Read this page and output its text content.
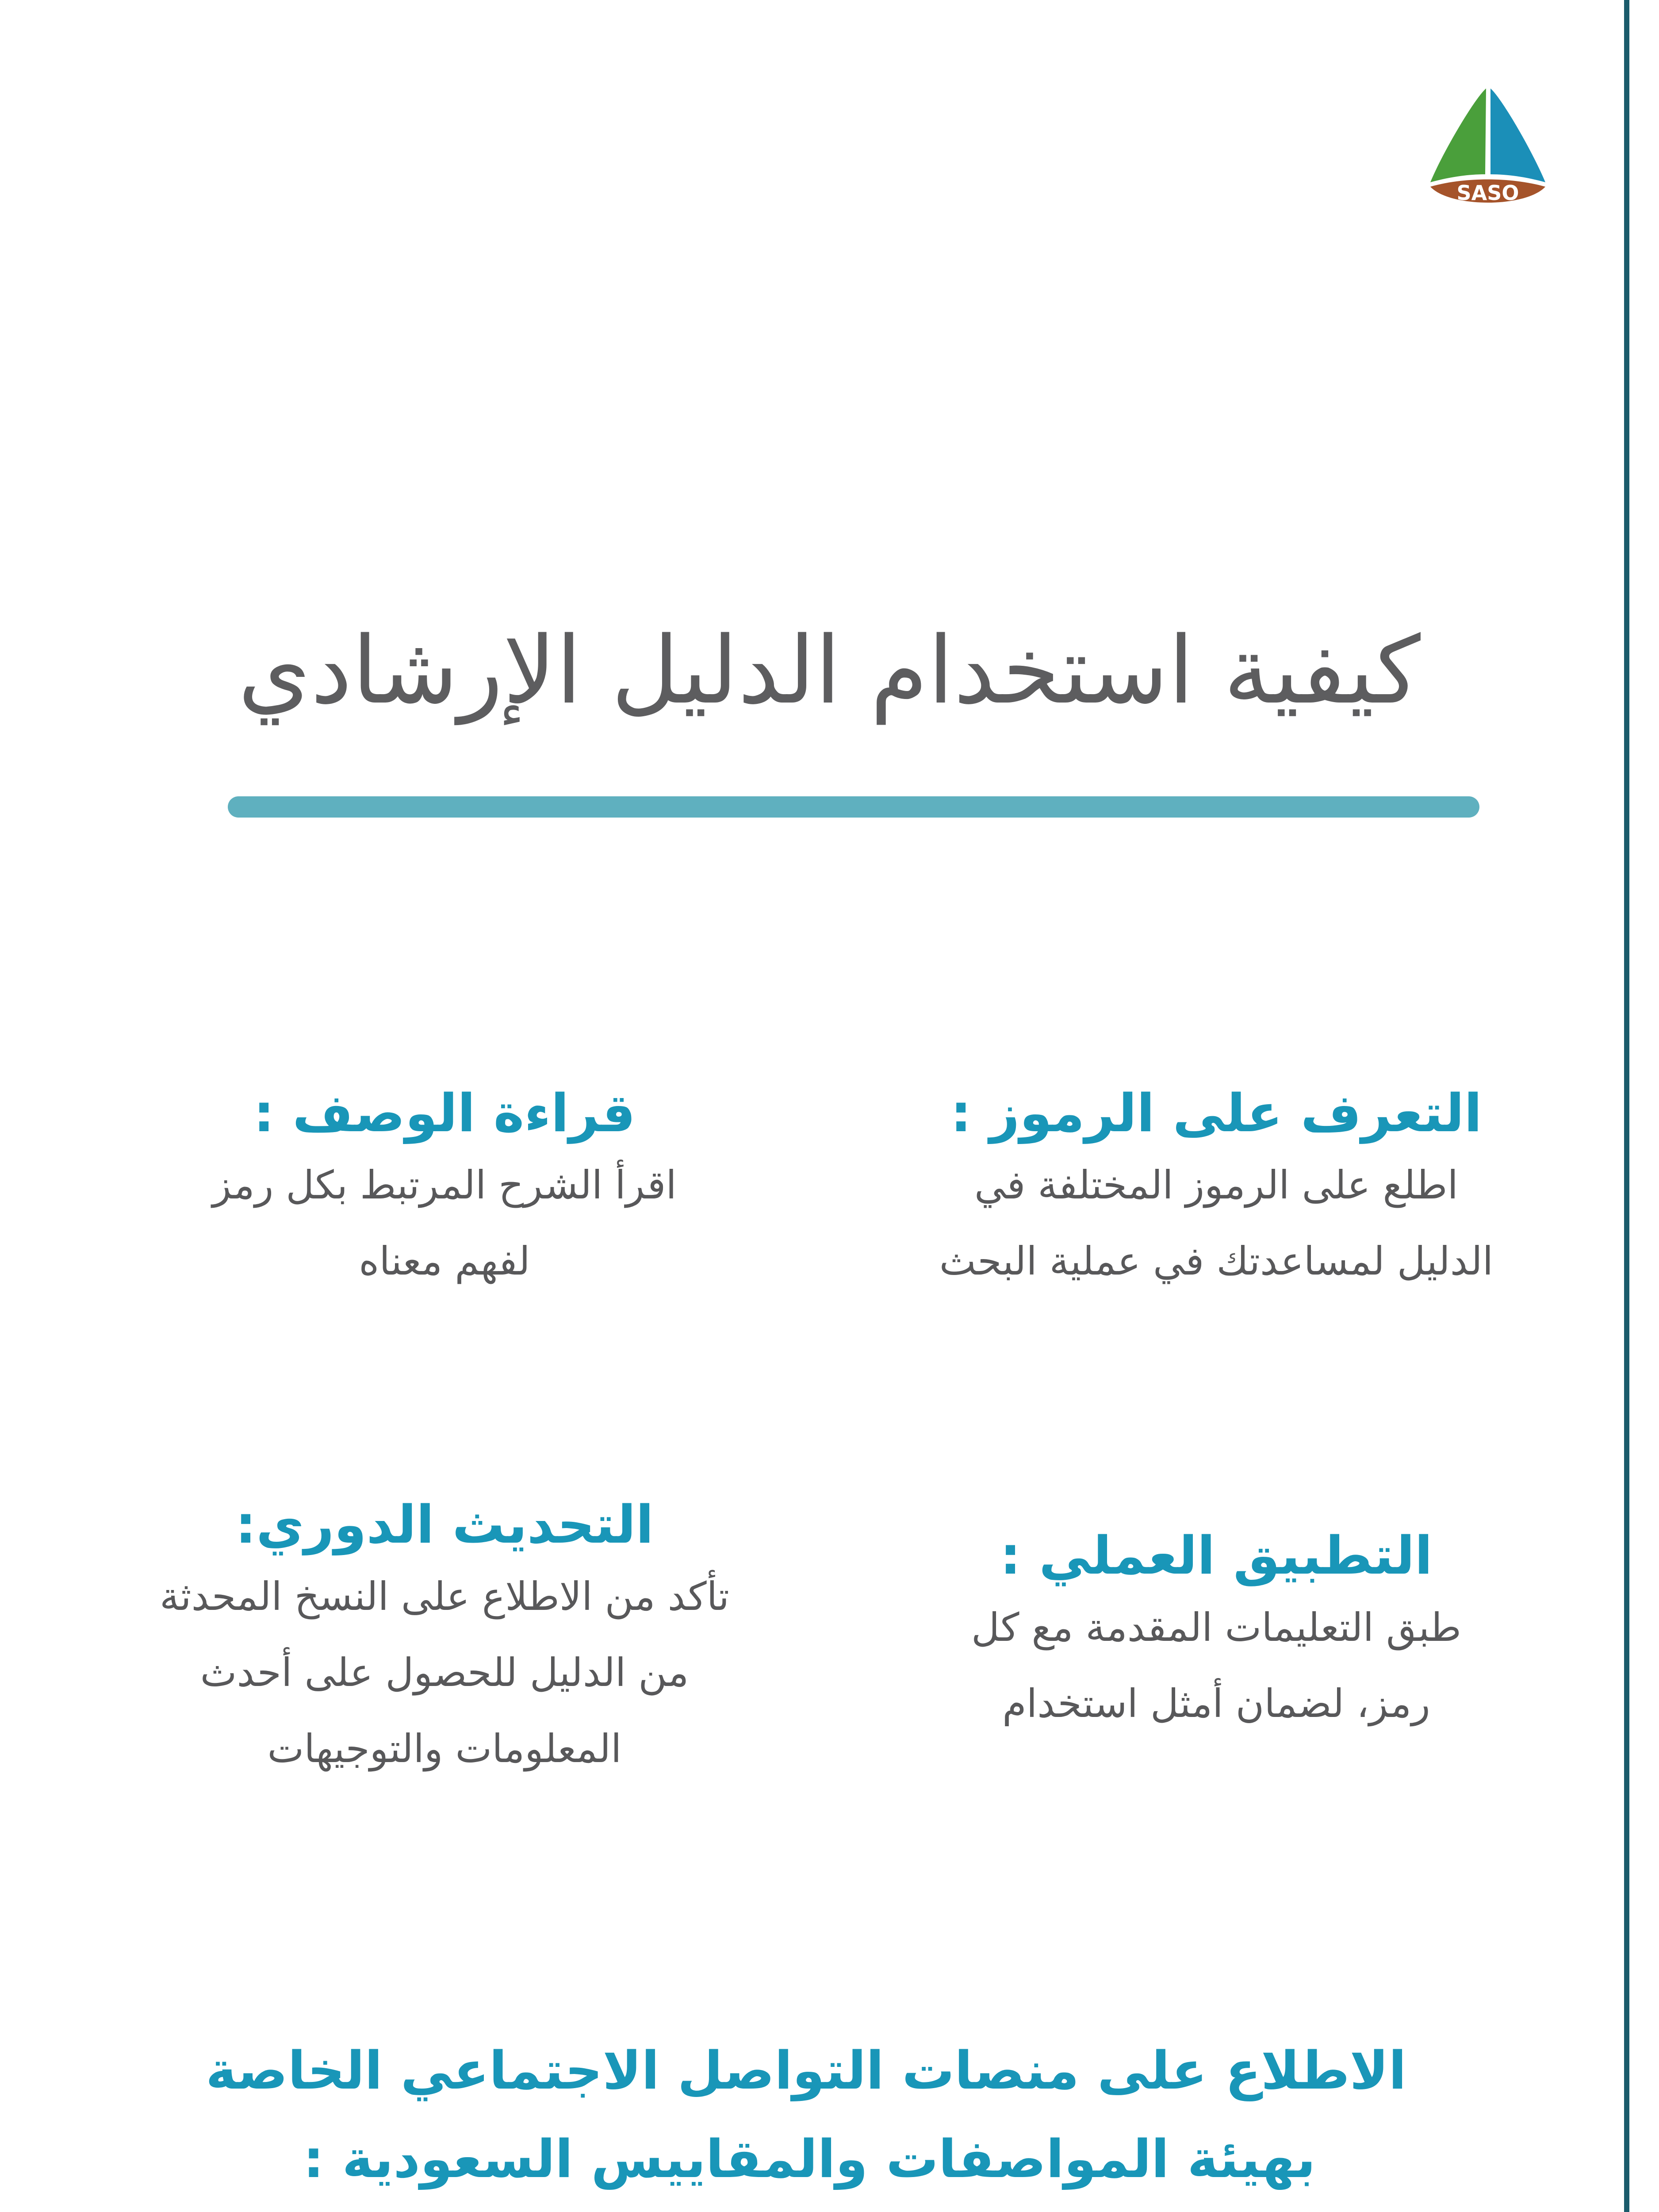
SASO
كيفية استخدام الدليل الإرشادي
التعرف على الرموز :
اطلع على الرموز المختلفة في
الدليل لمساعدتك في عملية البحث
قراءة الوصف :
اقرأ الشرح المرتبط بكل رمز
لفهم معناه
التطبيق العملي :
طبق التعليمات المقدمة مع كل
رمز، لضمان أمثل استخدام
التحديث الدوري:
تأكد من الاطلاع على النسخ المحدثة
من الدليل للحصول على أحدث
المعلومات والتوجيهات
الاطلاع على منصات التواصل الاجتماعي الخاصة
بهيئة المواصفات والمقاييس السعودية :
